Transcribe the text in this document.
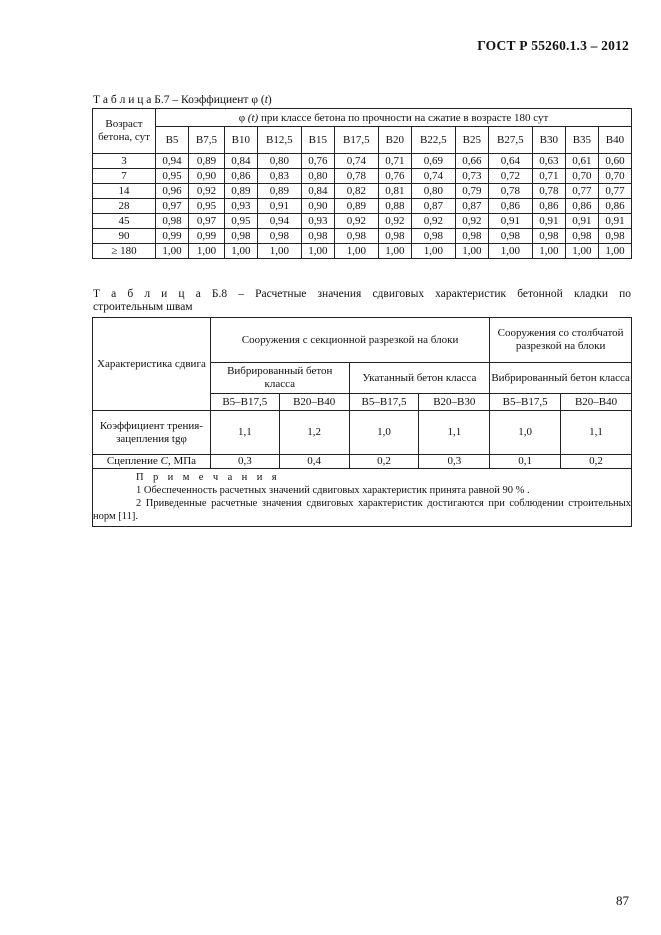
ГОСТ Р 55260.1.3 – 2012
Т а б л и ц а Б.7 – Коэффициент φ (t)
Возраст бетона, сут	φ (t) при классе бетона по прочности на сжатие в возрасте 180 сут												
	В5	В7,5	В10	В12,5	В15	В17,5	В20	В22,5	В25	В27,5	В30	В35	В40
3	0,94	0,89	0,84	0,80	0,76	0,74	0,71	0,69	0,66	0,64	0,63	0,61	0,60
7	0,95	0,90	0,86	0,83	0,80	0,78	0,76	0,74	0,73	0,72	0,71	0,70	0,70
14	0,96	0,92	0,89	0,89	0,84	0,82	0,81	0,80	0,79	0,78	0,78	0,77	0,77
28	0,97	0,95	0,93	0,91	0,90	0,89	0,88	0,87	0,87	0,86	0,86	0,86	0,86
45	0,98	0,97	0,95	0,94	0,93	0,92	0,92	0,92	0,92	0,91	0,91	0,91	0,91
90	0,99	0,99	0,98	0,98	0,98	0,98	0,98	0,98	0,98	0,98	0,98	0,98	0,98
≥ 180	1,00	1,00	1,00	1,00	1,00	1,00	1,00	1,00	1,00	1,00	1,00	1,00	1,00
Т а б л и ц а Б.8 – Расчетные значения сдвиговых характеристик бетонной кладки по
строительным швам
Характеристика сдвига	Сооружения с секционной разрезкой на блоки				Сооружения со столбчатой разрезкой на блоки	
	Вибрированный бетон класса		Укатанный бетон класса		Вибрированный бетон класса	
	В5–В17,5	В20–В40	В5–В17,5	В20–В30	В5–В17,5	В20–В40
Коэффициент трения-зацепления tgφ	1,1	1,2	1,0	1,1	1,0	1,1
Сцепление С, МПа	0,3	0,4	0,2	0,3	0,1	0,2

П р и м е ч а н и я
1 Обеспеченность расчетных значений сдвиговых характеристик принята равной 90 % .
2 Приведенные расчетные значения сдвиговых характеристик достигаются при соблюдении строительных норм [11].						
87
